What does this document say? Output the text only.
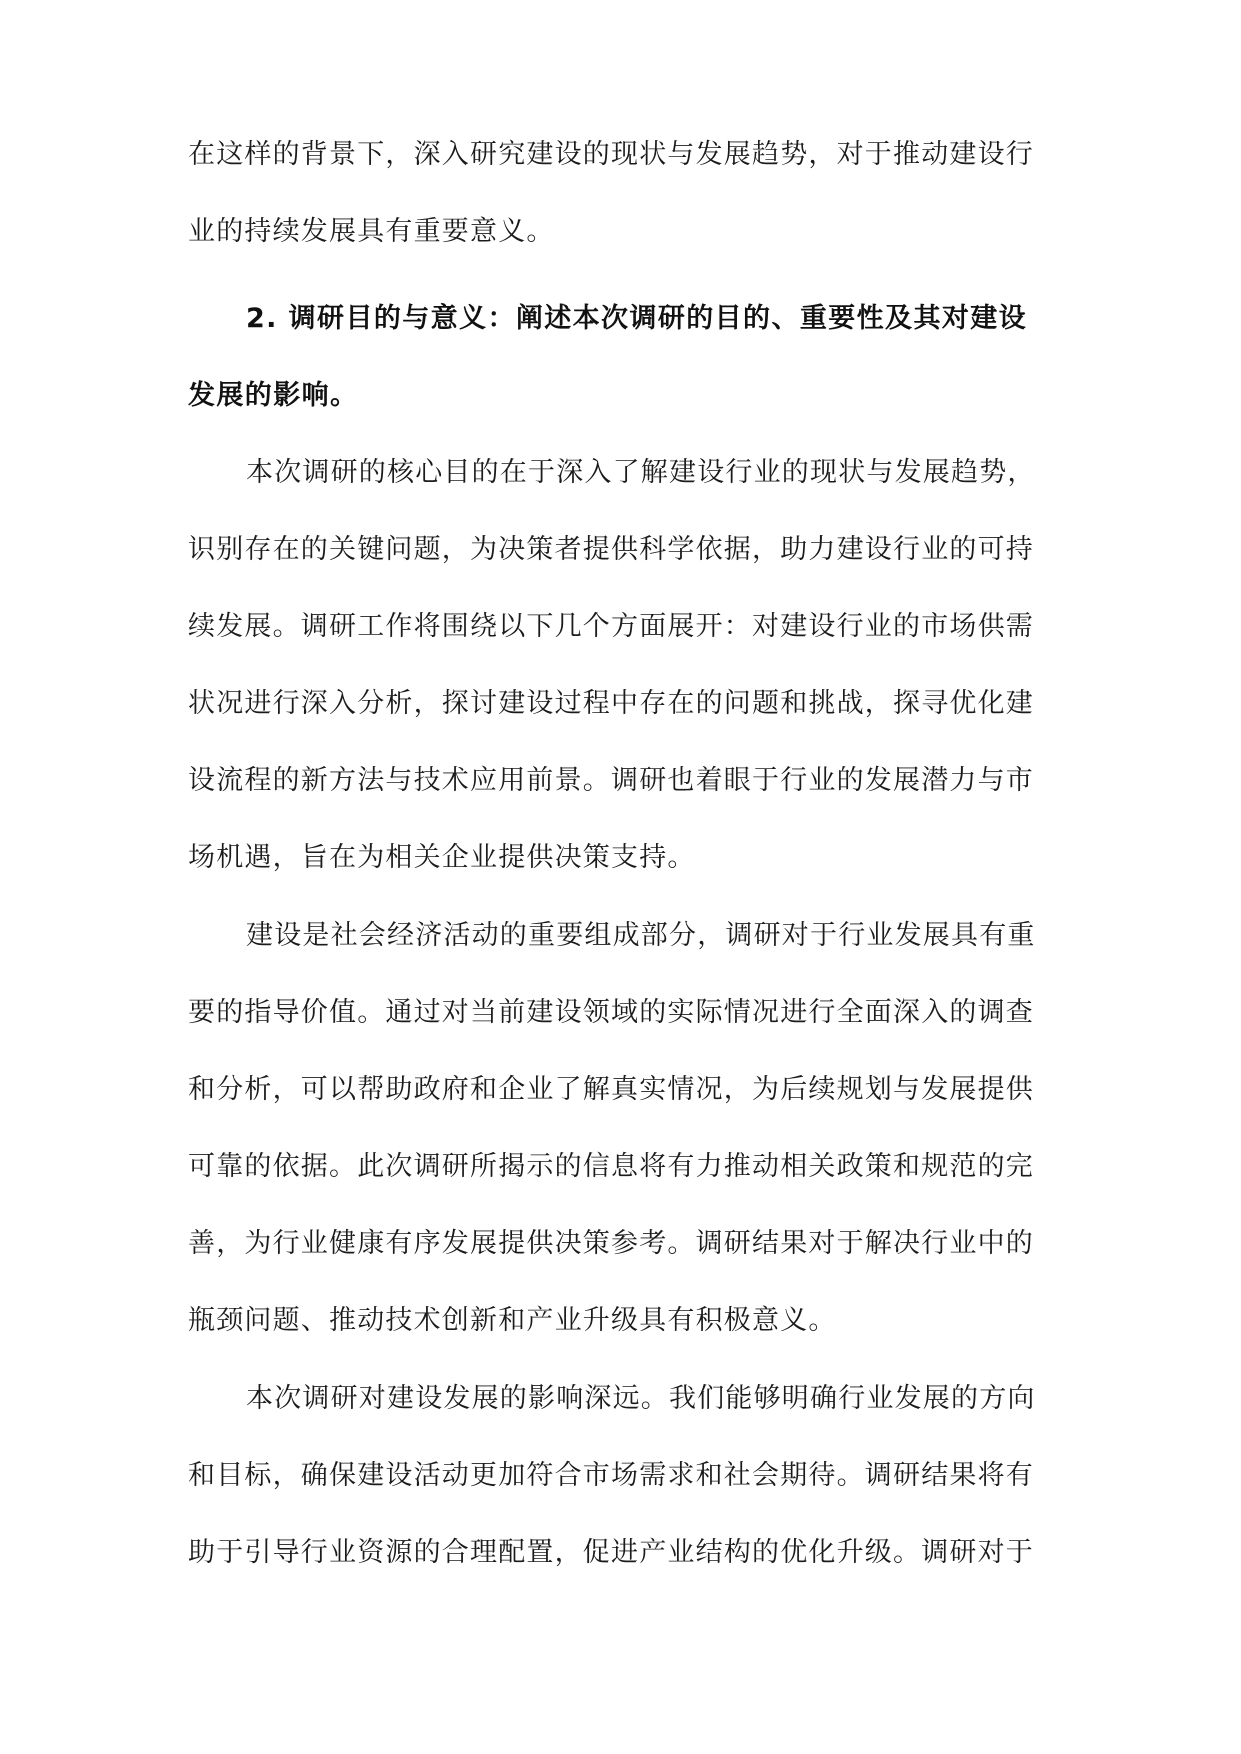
在这样的背景下，深入研究建设的现状与发展趋势，对于推动建设行
业的持续发展具有重要意义。
2. 调研目的与意义：阐述本次调研的目的、重要性及其对建设
发展的影响。
本次调研的核心目的在于深入了解建设行业的现状与发展趋势，
识别存在的关键问题，为决策者提供科学依据，助力建设行业的可持
续发展。调研工作将围绕以下几个方面展开：对建设行业的市场供需
状况进行深入分析，探讨建设过程中存在的问题和挑战，探寻优化建
设流程的新方法与技术应用前景。调研也着眼于行业的发展潜力与市
场机遇，旨在为相关企业提供决策支持。
建设是社会经济活动的重要组成部分，调研对于行业发展具有重
要的指导价值。通过对当前建设领域的实际情况进行全面深入的调查
和分析，可以帮助政府和企业了解真实情况，为后续规划与发展提供
可靠的依据。此次调研所揭示的信息将有力推动相关政策和规范的完
善，为行业健康有序发展提供决策参考。调研结果对于解决行业中的
瓶颈问题、推动技术创新和产业升级具有积极意义。
本次调研对建设发展的影响深远。我们能够明确行业发展的方向
和目标，确保建设活动更加符合市场需求和社会期待。调研结果将有
助于引导行业资源的合理配置，促进产业结构的优化升级。调研对于
